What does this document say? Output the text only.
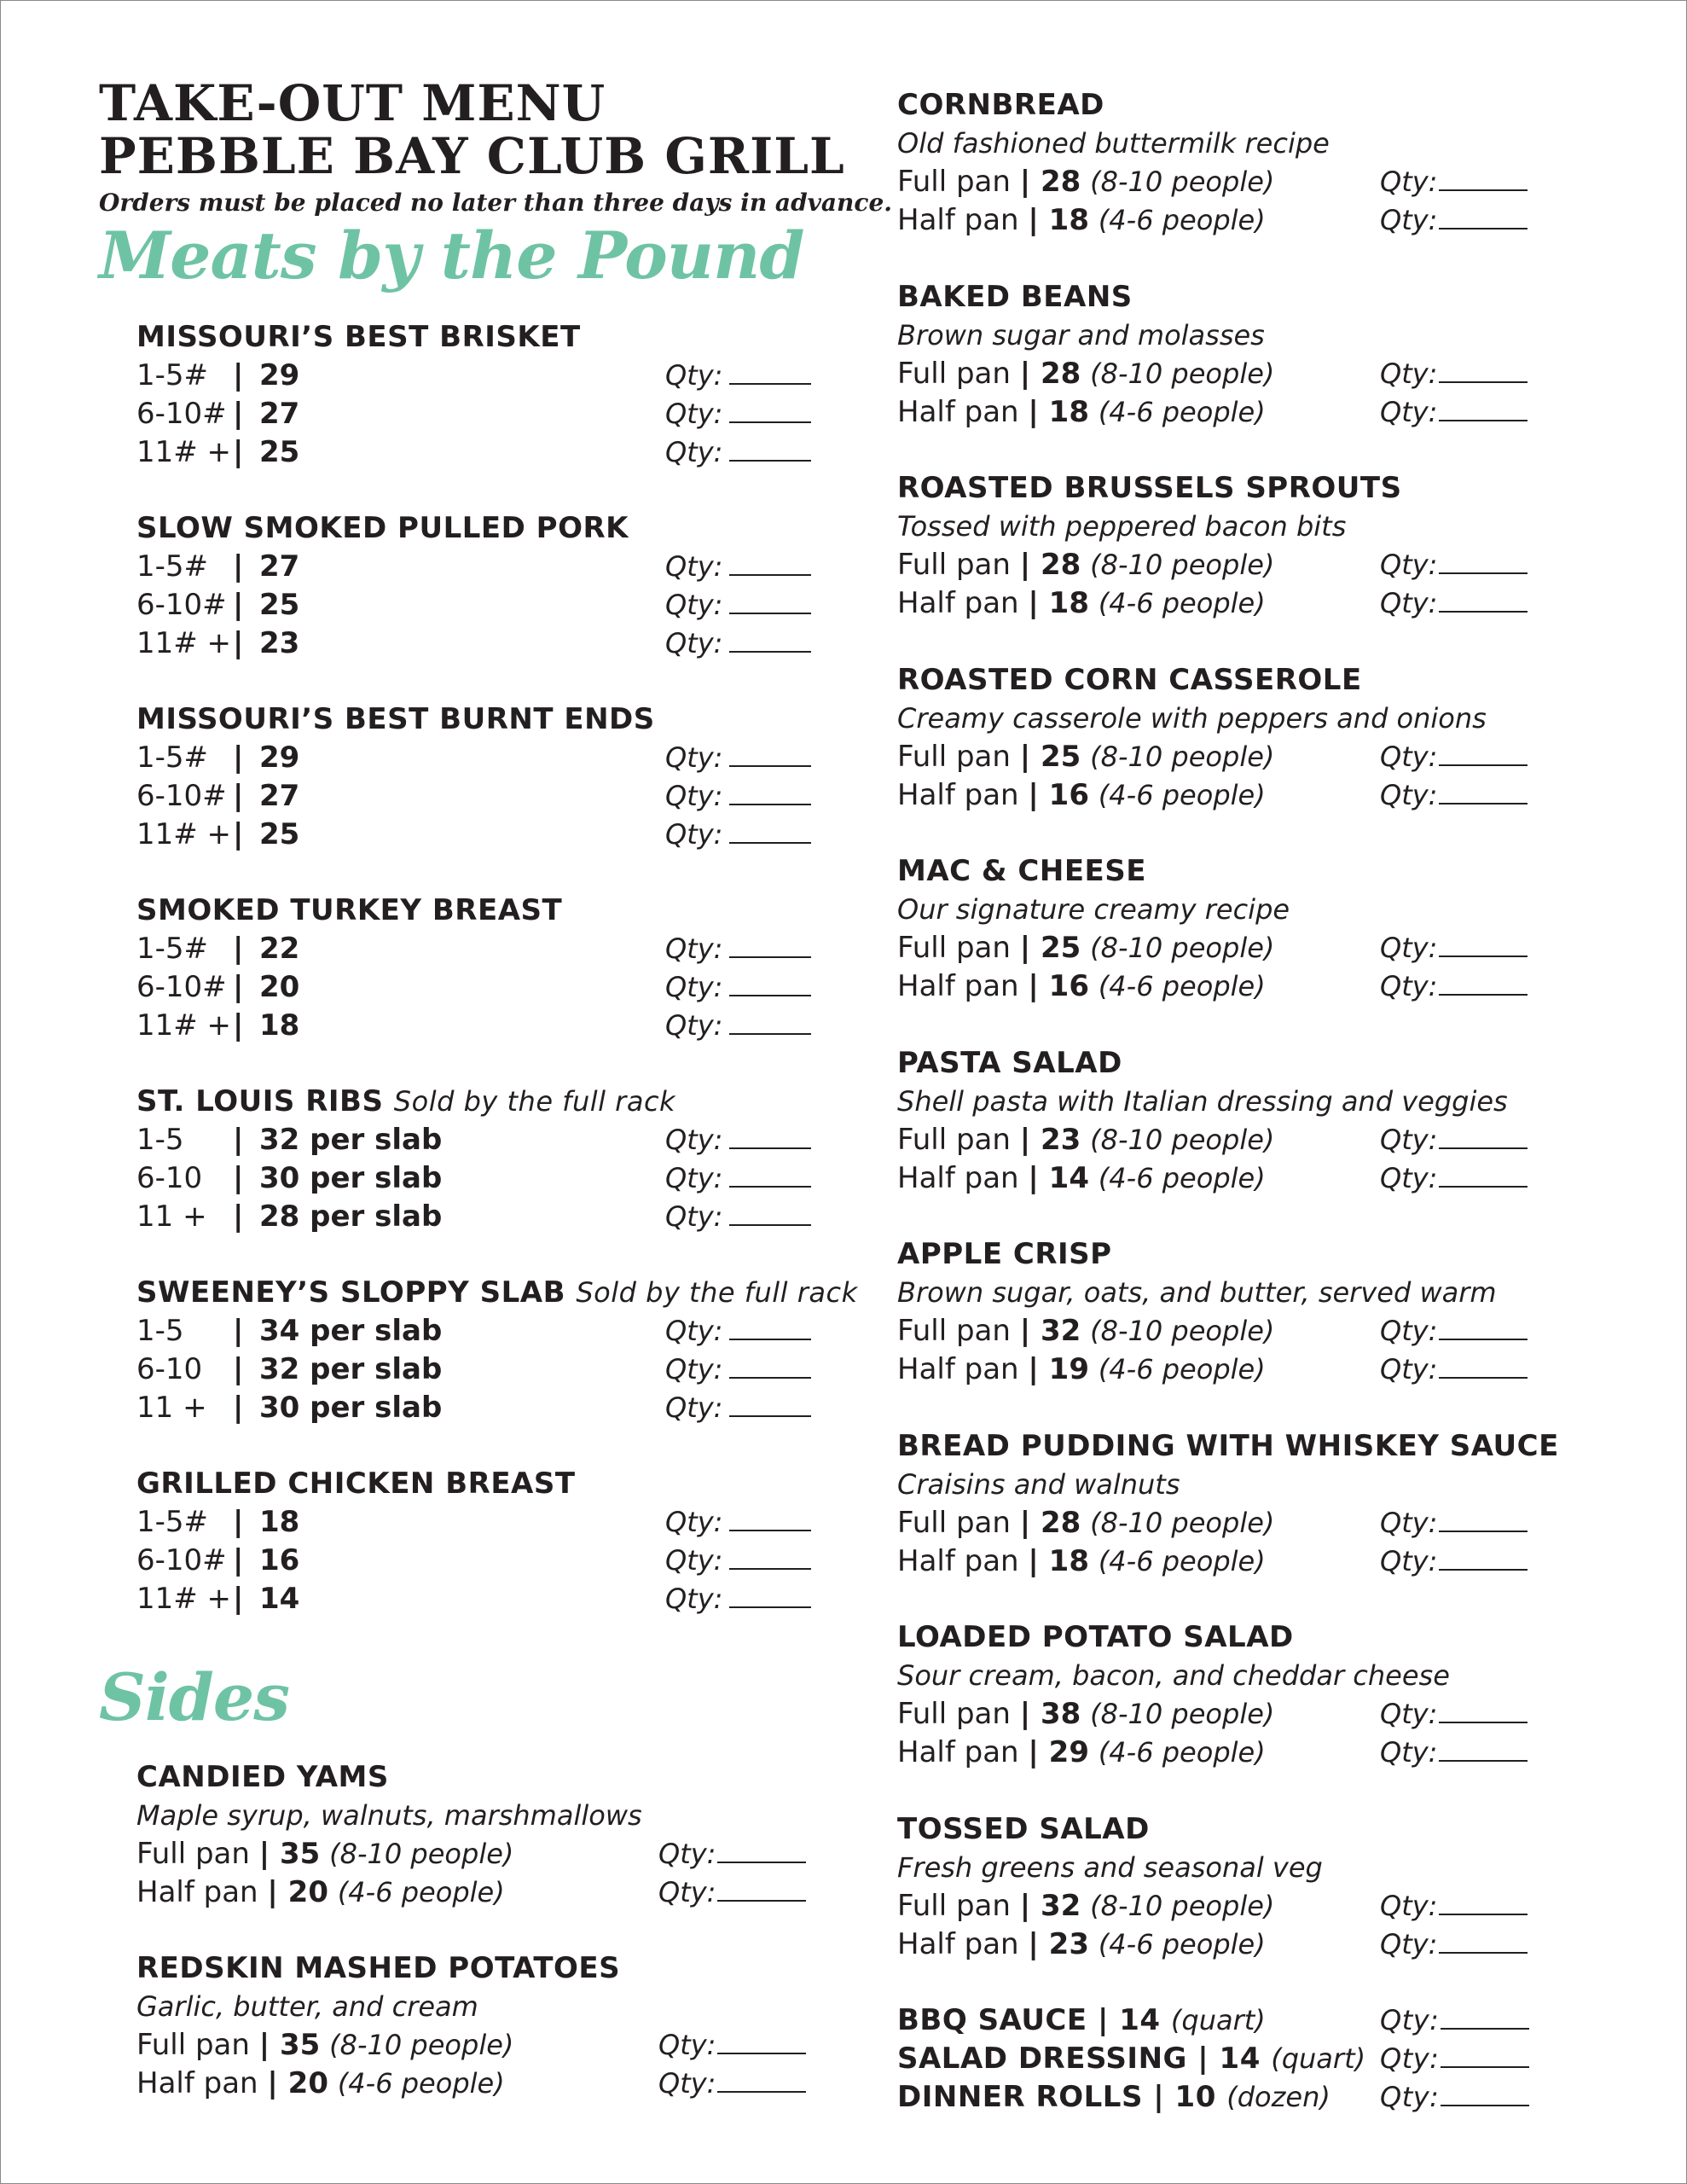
TAKE-OUT MENU
PEBBLE BAY CLUB GRILL
Orders must be placed no later than three days in advance.
Meats by the Pound
MISSOURI’S BEST BRISKET
1-5# | 29	Qty:
6-10# | 27	Qty:
11# + | 25	Qty:
SLOW SMOKED PULLED PORK
1-5# | 27	Qty:
6-10# | 25	Qty:
11# + | 23	Qty:
MISSOURI’S BEST BURNT ENDS
1-5# | 29	Qty:
6-10# | 27	Qty:
11# + | 25	Qty:
SMOKED TURKEY BREAST
1-5# | 22	Qty:
6-10# | 20	Qty:
11# + | 18	Qty:
ST. LOUIS RIBS Sold by the full rack
1-5 | 32 per slab	Qty:
6-10 | 30 per slab	Qty:
11 + | 28 per slab	Qty:
SWEENEY’S SLOPPY SLAB Sold by the full rack
1-5 | 34 per slab	Qty:
6-10 | 32 per slab	Qty:
11 + | 30 per slab	Qty:
GRILLED CHICKEN BREAST
1-5# | 18	Qty:
6-10# | 16	Qty:
11# + | 14	Qty:
Sides
CANDIED YAMS
Maple syrup, walnuts, marshmallows
Full pan | 35 (8-10 people)	Qty:
Half pan | 20 (4-6 people)	Qty:
REDSKIN MASHED POTATOES
Garlic, butter, and cream
Full pan | 35 (8-10 people)	Qty:
Half pan | 20 (4-6 people)	Qty:
CORNBREAD
Old fashioned buttermilk recipe
Full pan | 28 (8-10 people)	Qty:
Half pan | 18 (4-6 people)	Qty:
BAKED BEANS
Brown sugar and molasses
Full pan | 28 (8-10 people)	Qty:
Half pan | 18 (4-6 people)	Qty:
ROASTED BRUSSELS SPROUTS
Tossed with peppered bacon bits
Full pan | 28 (8-10 people)	Qty:
Half pan | 18 (4-6 people)	Qty:
ROASTED CORN CASSEROLE
Creamy casserole with peppers and onions
Full pan | 25 (8-10 people)	Qty:
Half pan | 16 (4-6 people)	Qty:
MAC & CHEESE
Our signature creamy recipe
Full pan | 25 (8-10 people)	Qty:
Half pan | 16 (4-6 people)	Qty:
PASTA SALAD
Shell pasta with Italian dressing and veggies
Full pan | 23 (8-10 people)	Qty:
Half pan | 14 (4-6 people)	Qty:
APPLE CRISP
Brown sugar, oats, and butter, served warm
Full pan | 32 (8-10 people)	Qty:
Half pan | 19 (4-6 people)	Qty:
BREAD PUDDING WITH WHISKEY SAUCE
Craisins and walnuts
Full pan | 28 (8-10 people)	Qty:
Half pan | 18 (4-6 people)	Qty:
LOADED POTATO SALAD
Sour cream, bacon, and cheddar cheese
Full pan | 38 (8-10 people)	Qty:
Half pan | 29 (4-6 people)	Qty:
TOSSED SALAD
Fresh greens and seasonal veg
Full pan | 32 (8-10 people)	Qty:
Half pan | 23 (4-6 people)	Qty:
BBQ SAUCE | 14 (quart)	Qty:
SALAD DRESSING | 14 (quart) Qty:
DINNER ROLLS | 10 (dozen) Qty:
